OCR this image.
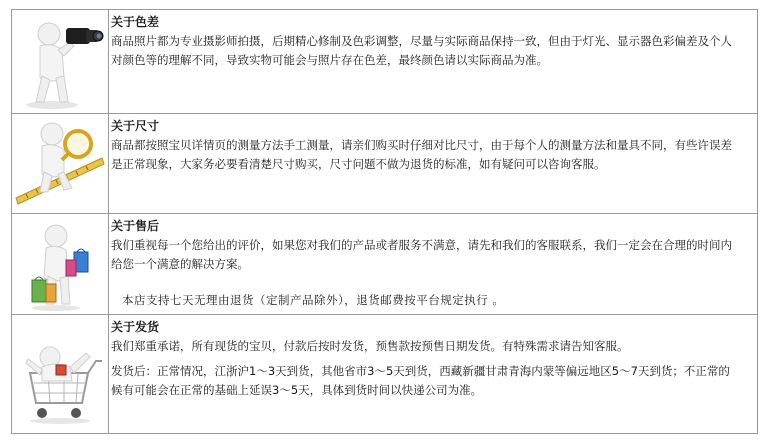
关于色差

商品照片都为专业摄影师拍摄，后期精心修制及色彩调整，尽量与实际商品保持一致，但由于灯光、显示器色彩偏差及个人

对颜色等的理解不同，导致实物可能会与照片存在色差，最终颜色请以实际商品为准。

关于尺寸

商品都按照宝贝详情页的测量方法手工测量，请亲们购买时仔细对比尺寸，由于每个人的测量方法和量具不同，有些许误差

是正常现象，大家务必要看清楚尺寸购买，尺寸问题不做为退货的标准，如有疑问可以咨询客服。

关于售后

我们重视每一个您给出的评价，如果您对我们的产品或者服务不满意，请先和我们的客服联系，我们一定会在合理的时间内

给您一个满意的解决方案。

本店支持七天无理由退货（定制产品除外），退货邮费按平台规定执行 。
关于发货

我们郑重承诺，所有现货的宝贝，付款后按时发货，预售款按预售日期发货。有特殊需求请告知客服。

发货后：正常情况，江浙沪1～3天到货，其他省市3～5天到货，西藏新疆甘肃青海内蒙等偏远地区5～7天到货；不正常的

候有可能会在正常的基础上延误3～5天，具体到货时间以快递公司为准。
